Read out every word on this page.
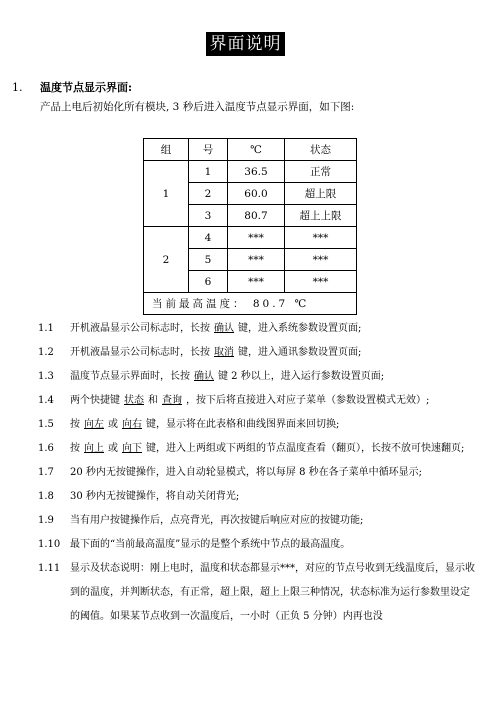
界面说明
1. 温度节点显示界面:
产品上电后初始化所有模块, 3 秒后进入温度节点显示界面，如下图:
组	号	℃	状态
1	1	36.5	正常
	2	60.0	超上限
	3	80.7	超上上限
2	4	***	***
	5	***	***
	6	***	***
当前最高温度： 80.7 ℃			
1.1	开机液晶显示公司标志时，长按 确认 键，进入系统参数设置页面;
1.2	开机液晶显示公司标志时，长按 取消 键，进入通讯参数设置页面;
1.3	温度节点显示界面时，长按 确认 键 2 秒以上，进入运行参数设置页面;
1.4	两个快捷键 状态 和 查询 ，按下后将直接进入对应子菜单（参数设置模式无效）;
1.5	按 向左 或 向右 键，显示将在此表格和曲线图界面来回切换;
1.6	按 向上 或 向下 键，进入上两组或下两组的节点温度查看（翻页），长按不放可快速翻页;
1.7	20 秒内无按键操作，进入自动轮显模式，将以每屏 8 秒在各子菜单中循环显示;
1.8	30 秒内无按键操作，将自动关闭背光;
1.9	当有用户按键操作后，点亮背光，再次按键后响应对应的按键功能;
1.10 最下面的“当前最高温度”显示的是整个系统中节点的最高温度。
1.11 显示及状态说明：刚上电时，温度和状态都显示***，对应的节点号收到无线温度后，显示收到的温度，并判断状态，有正常，超上限，超上上限三种情况，状态标准为运行参数里设定的阈值。如果某节点收到一次温度后，一小时（正负 5 分钟）内再也没
